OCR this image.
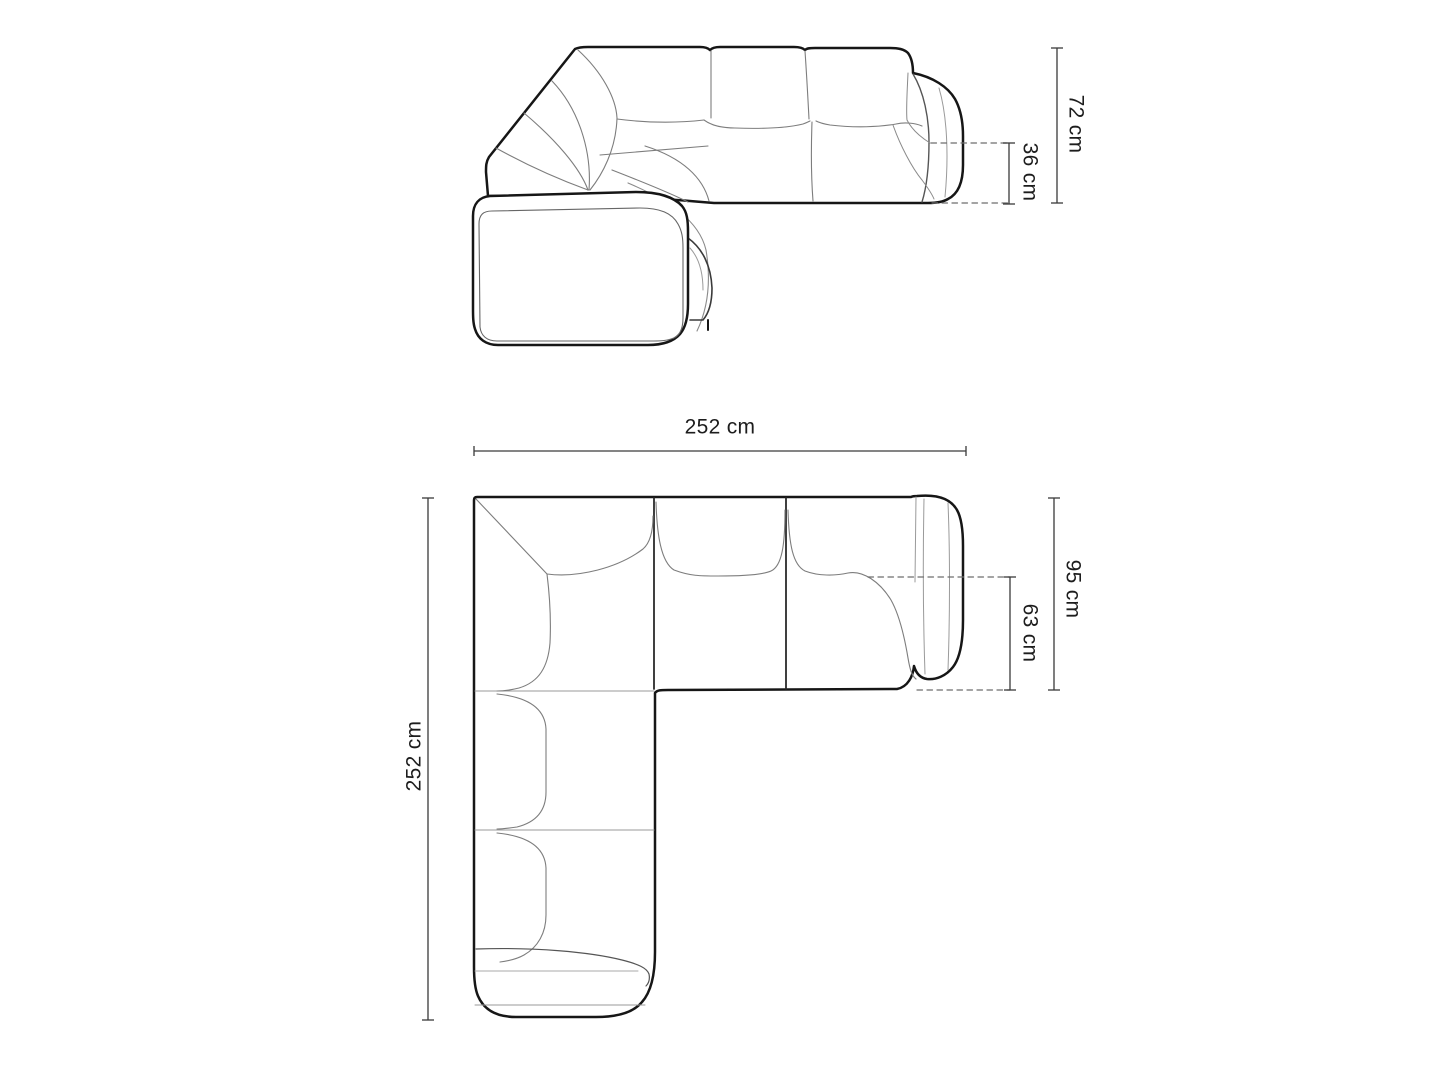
72 cm
36 cm
252 cm
252 cm
95 cm
63 cm
